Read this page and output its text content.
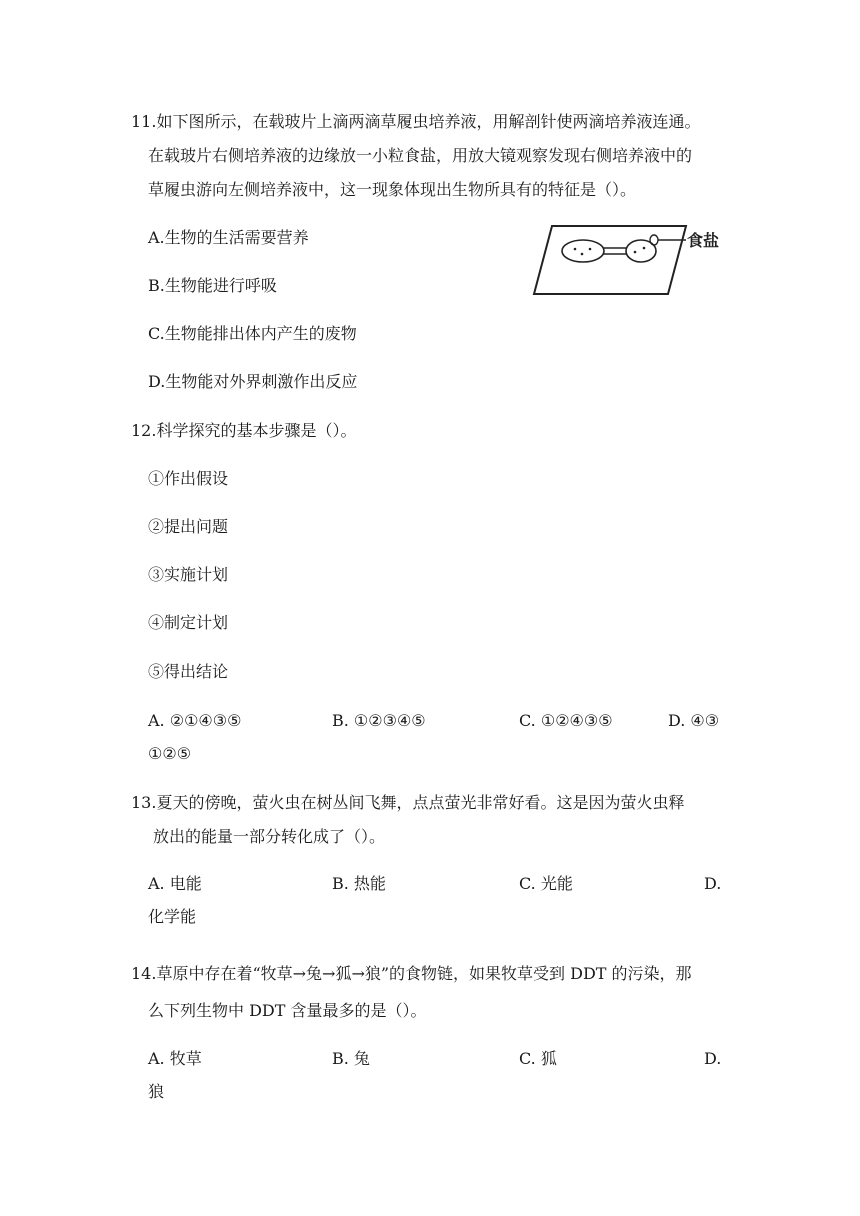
11.如下图所示，在载玻片上滴两滴草履虫培养液，用解剖针使两滴培养液连通。
在载玻片右侧培养液的边缘放一小粒食盐，用放大镜观察发现右侧培养液中的
草履虫游向左侧培养液中，这一现象体现出生物所具有的特征是（）。
A.生物的生活需要营养
B.生物能进行呼吸
C.生物能排出体内产生的废物
D.生物能对外界刺激作出反应
食盐
12.科学探究的基本步骤是（）。
①作出假设
②提出问题
③实施计划
④制定计划
⑤得出结论
A. ②①④③⑤	B. ①②③④⑤	C. ①②④③⑤	D. ④③
①②⑤
13.夏天的傍晚，萤火虫在树丛间飞舞，点点萤光非常好看。这是因为萤火虫释
放出的能量一部分转化成了（）。
A. 电能	B. 热能	C. 光能	D.
化学能
14.草原中存在着“牧草→兔→狐→狼”的食物链，如果牧草受到 DDT 的污染，那
么下列生物中 DDT 含量最多的是（）。
A. 牧草	B. 兔	C. 狐	D.
狼
